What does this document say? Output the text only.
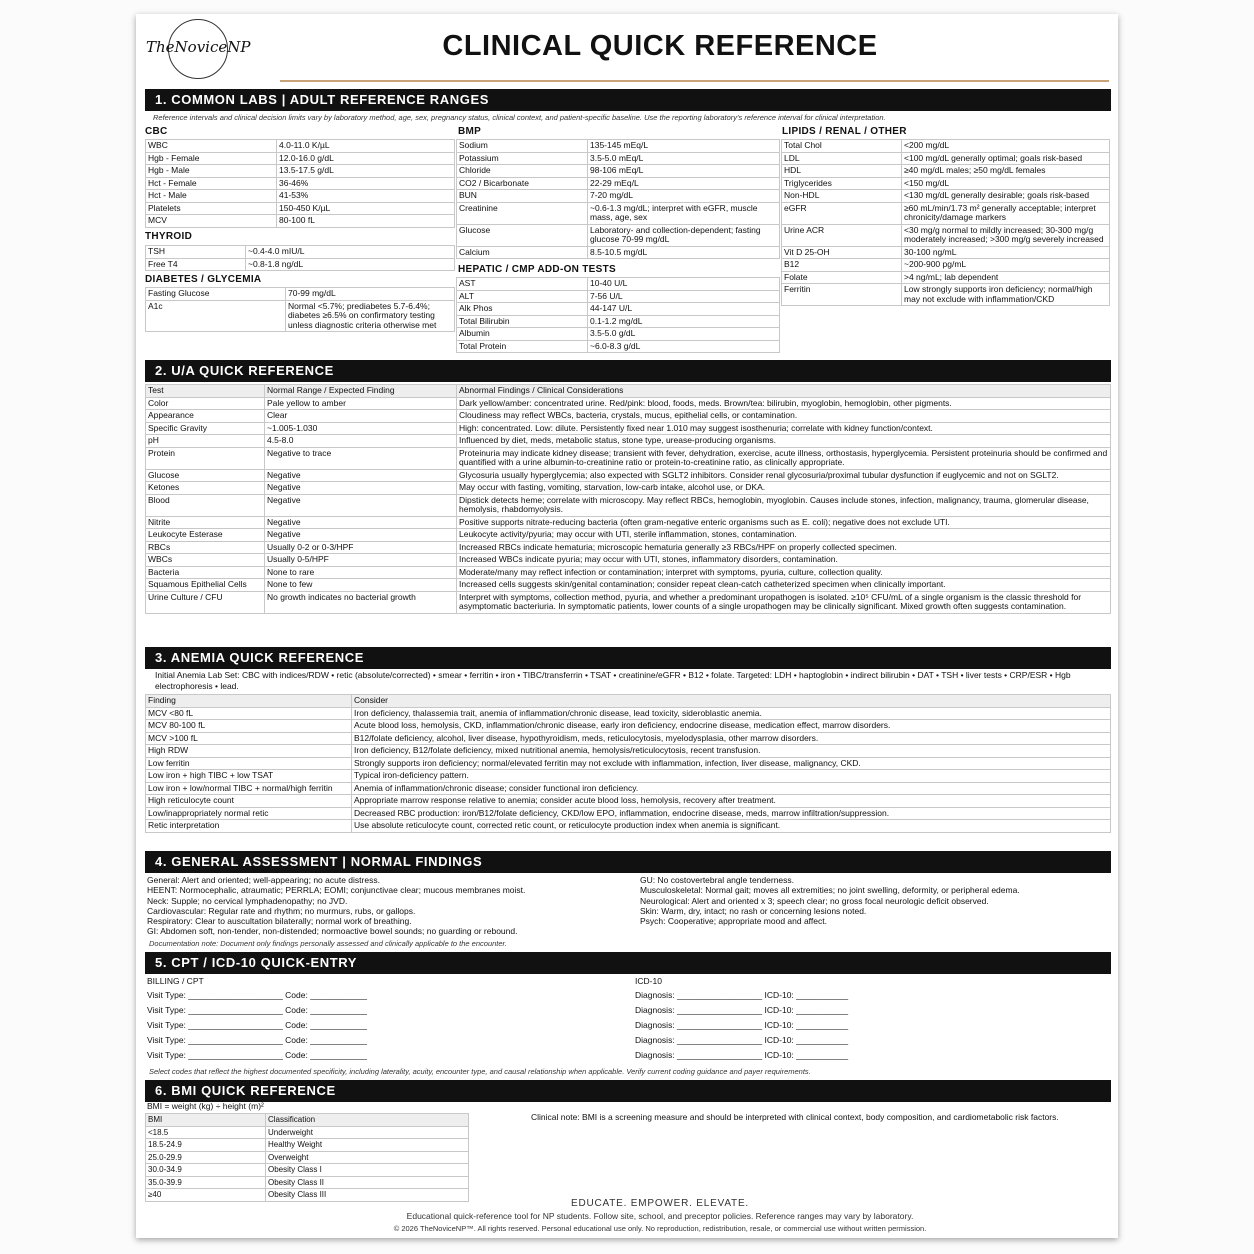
TheNoviceNP	CLINICAL QUICK REFERENCE
1. COMMON LABS | ADULT REFERENCE RANGES
Reference intervals and clinical decision limits vary by laboratory method, age, sex, pregnancy status, clinical context, and patient-specific baseline. Use the reporting laboratory's reference interval for clinical interpretation.
CBC
WBC	4.0-11.0 K/µL
Hgb - Female	12.0-16.0 g/dL
Hgb - Male	13.5-17.5 g/dL
Hct - Female	36-46%
Hct - Male	41-53%
Platelets	150-450 K/µL
MCV	80-100 fL
THYROID
TSH	~0.4-4.0 mIU/L
Free T4	~0.8-1.8 ng/dL
DIABETES / GLYCEMIA
Fasting Glucose	70-99 mg/dL
A1c	Normal <5.7%; prediabetes 5.7-6.4%; diabetes ≥6.5% on confirmatory testing unless diagnostic criteria otherwise met
BMP
Sodium	135-145 mEq/L
Potassium	3.5-5.0 mEq/L
Chloride	98-106 mEq/L
CO2 / Bicarbonate	22-29 mEq/L
BUN	7-20 mg/dL
Creatinine	~0.6-1.3 mg/dL; interpret with eGFR, muscle mass, age, sex
Glucose	Laboratory- and collection-dependent; fasting glucose 70-99 mg/dL
Calcium	8.5-10.5 mg/dL
HEPATIC / CMP ADD-ON TESTS
AST	10-40 U/L
ALT	7-56 U/L
Alk Phos	44-147 U/L
Total Bilirubin	0.1-1.2 mg/dL
Albumin	3.5-5.0 g/dL
Total Protein	~6.0-8.3 g/dL
LIPIDS / RENAL / OTHER
Total Chol	<200 mg/dL
LDL	<100 mg/dL generally optimal; goals risk-based
HDL	≥40 mg/dL males; ≥50 mg/dL females
Triglycerides	<150 mg/dL
Non-HDL	<130 mg/dL generally desirable; goals risk-based
eGFR	≥60 mL/min/1.73 m² generally acceptable; interpret chronicity/damage markers
Urine ACR	<30 mg/g normal to mildly increased; 30-300 mg/g moderately increased; >300 mg/g severely increased
Vit D 25-OH	30-100 ng/mL
B12	~200-900 pg/mL
Folate	>4 ng/mL; lab dependent
Ferritin	Low strongly supports iron deficiency; normal/high may not exclude with inflammation/CKD
2. U/A QUICK REFERENCE
Test	Normal Range / Expected Finding	Abnormal Findings / Clinical Considerations
Color	Pale yellow to amber	Dark yellow/amber: concentrated urine. Red/pink: blood, foods, meds. Brown/tea: bilirubin, myoglobin, hemoglobin, other pigments.
Appearance	Clear	Cloudiness may reflect WBCs, bacteria, crystals, mucus, epithelial cells, or contamination.
Specific Gravity	~1.005-1.030	High: concentrated. Low: dilute. Persistently fixed near 1.010 may suggest isosthenuria; correlate with kidney function/context.
pH	4.5-8.0	Influenced by diet, meds, metabolic status, stone type, urease-producing organisms.
Protein	Negative to trace	Proteinuria may indicate kidney disease; transient with fever, dehydration, exercise, acute illness, orthostasis, hyperglycemia. Persistent proteinuria should be confirmed and quantified with a urine albumin-to-creatinine ratio or protein-to-creatinine ratio, as clinically appropriate.
Glucose	Negative	Glycosuria usually hyperglycemia; also expected with SGLT2 inhibitors. Consider renal glycosuria/proximal tubular dysfunction if euglycemic and not on SGLT2.
Ketones	Negative	May occur with fasting, vomiting, starvation, low-carb intake, alcohol use, or DKA.
Blood	Negative	Dipstick detects heme; correlate with microscopy. May reflect RBCs, hemoglobin, myoglobin. Causes include stones, infection, malignancy, trauma, glomerular disease, hemolysis, rhabdomyolysis.
Nitrite	Negative	Positive supports nitrate-reducing bacteria (often gram-negative enteric organisms such as E. coli); negative does not exclude UTI.
Leukocyte Esterase	Negative	Leukocyte activity/pyuria; may occur with UTI, sterile inflammation, stones, contamination.
RBCs	Usually 0-2 or 0-3/HPF	Increased RBCs indicate hematuria; microscopic hematuria generally ≥3 RBCs/HPF on properly collected specimen.
WBCs	Usually 0-5/HPF	Increased WBCs indicate pyuria; may occur with UTI, stones, inflammatory disorders, contamination.
Bacteria	None to rare	Moderate/many may reflect infection or contamination; interpret with symptoms, pyuria, culture, collection quality.
Squamous Epithelial Cells	None to few	Increased cells suggests skin/genital contamination; consider repeat clean-catch catheterized specimen when clinically important.
Urine Culture / CFU	No growth indicates no bacterial growth	Interpret with symptoms, collection method, pyuria, and whether a predominant uropathogen is isolated. ≥10⁵ CFU/mL of a single organism is the classic threshold for asymptomatic bacteriuria. In symptomatic patients, lower counts of a single uropathogen may be clinically significant. Mixed growth often suggests contamination.
3. ANEMIA QUICK REFERENCE
Initial Anemia Lab Set: CBC with indices/RDW • retic (absolute/corrected) • smear • ferritin • iron • TIBC/transferrin • TSAT • creatinine/eGFR • B12 • folate. Targeted: LDH • haptoglobin • indirect bilirubin • DAT • TSH • liver tests • CRP/ESR • Hgb electrophoresis • lead.
Finding	Consider
MCV <80 fL	Iron deficiency, thalassemia trait, anemia of inflammation/chronic disease, lead toxicity, sideroblastic anemia.
MCV 80-100 fL	Acute blood loss, hemolysis, CKD, inflammation/chronic disease, early iron deficiency, endocrine disease, medication effect, marrow disorders.
MCV >100 fL	B12/folate deficiency, alcohol, liver disease, hypothyroidism, meds, reticulocytosis, myelodysplasia, other marrow disorders.
High RDW	Iron deficiency, B12/folate deficiency, mixed nutritional anemia, hemolysis/reticulocytosis, recent transfusion.
Low ferritin	Strongly supports iron deficiency; normal/elevated ferritin may not exclude with inflammation, infection, liver disease, malignancy, CKD.
Low iron + high TIBC + low TSAT	Typical iron-deficiency pattern.
Low iron + low/normal TIBC + normal/high ferritin	Anemia of inflammation/chronic disease; consider functional iron deficiency.
High reticulocyte count	Appropriate marrow response relative to anemia; consider acute blood loss, hemolysis, recovery after treatment.
Low/inappropriately normal retic	Decreased RBC production: iron/B12/folate deficiency, CKD/low EPO, inflammation, endocrine disease, meds, marrow infiltration/suppression.
Retic interpretation	Use absolute reticulocyte count, corrected retic count, or reticulocyte production index when anemia is significant.
4. GENERAL ASSESSMENT | NORMAL FINDINGS
General: Alert and oriented; well-appearing; no acute distress.
HEENT: Normocephalic, atraumatic; PERRLA; EOMI; conjunctivae clear; mucous membranes moist.
Neck: Supple; no cervical lymphadenopathy; no JVD.
Cardiovascular: Regular rate and rhythm; no murmurs, rubs, or gallops.
Respiratory: Clear to auscultation bilaterally; normal work of breathing.
GI: Abdomen soft, non-tender, non-distended; normoactive bowel sounds; no guarding or rebound.
GU: No costovertebral angle tenderness.
Musculoskeletal: Normal gait; moves all extremities; no joint swelling, deformity, or peripheral edema.
Neurological: Alert and oriented x 3; speech clear; no gross focal neurologic deficit observed.
Skin: Warm, dry, intact; no rash or concerning lesions noted.
Psych: Cooperative; appropriate mood and affect.
Documentation note: Document only findings personally assessed and clinically applicable to the encounter.
5. CPT / ICD-10 QUICK-ENTRY
BILLING / CPT	ICD-10
Visit Type: ____________________ Code: ____________
Visit Type: ____________________ Code: ____________
Visit Type: ____________________ Code: ____________
Visit Type: ____________________ Code: ____________
Visit Type: ____________________ Code: ____________
Diagnosis: __________________ ICD-10: ___________
Diagnosis: __________________ ICD-10: ___________
Diagnosis: __________________ ICD-10: ___________
Diagnosis: __________________ ICD-10: ___________
Diagnosis: __________________ ICD-10: ___________
Select codes that reflect the highest documented specificity, including laterality, acuity, encounter type, and causal relationship when applicable. Verify current coding guidance and payer requirements.
6. BMI QUICK REFERENCE
BMI = weight (kg) ÷ height (m)²
BMI	Classification
<18.5	Underweight
18.5-24.9	Healthy Weight
25.0-29.9	Overweight
30.0-34.9	Obesity Class I
35.0-39.9	Obesity Class II
≥40	Obesity Class III
Clinical note: BMI is a screening measure and should be interpreted with clinical context, body composition, and cardiometabolic risk factors.
EDUCATE. EMPOWER. ELEVATE.
Educational quick-reference tool for NP students. Follow site, school, and preceptor policies. Reference ranges may vary by laboratory.
© 2026 TheNoviceNP™. All rights reserved. Personal educational use only. No reproduction, redistribution, resale, or commercial use without written permission.
